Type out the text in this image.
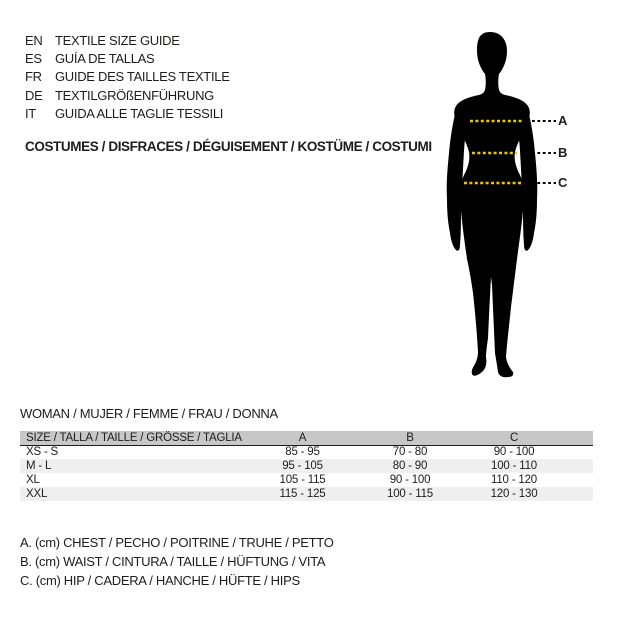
EN TEXTILE SIZE GUIDE
ES	GUÍA DE TALLAS
FR	GUIDE DES TAILLES TEXTILE
DE TEXTILGRÖßENFÜHRUNG
IT	GUIDA ALLE TAGLIE TESSILI
COSTUMES / DISFRACES / DÉGUISEMENT / KOSTÜME / COSTUMI
A
B
C
WOMAN / MUJER / FEMME / FRAU / DONNA
SIZE / TALLA / TAILLE / GRÖSSE / TAGLIA	A	B	C
XS - S	85 - 95	70 - 80	90 - 100
M - L	95 - 105	80 - 90	100 - 110
XL	105 - 115	90 - 100	110 - 120
XXL	115 - 125	100 - 115	120 - 130
A. (cm) CHEST / PECHO / POITRINE / TRUHE / PETTO
B. (cm) WAIST / CINTURA / TAILLE / HÜFTUNG / VITA
C. (cm) HIP / CADERA / HANCHE / HÜFTE / HIPS
